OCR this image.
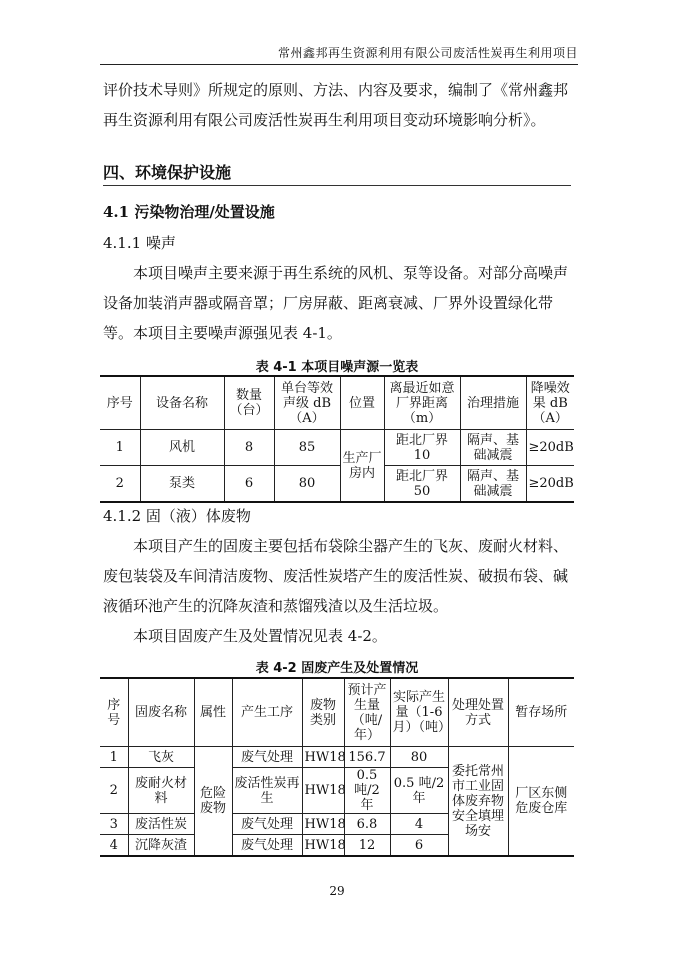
常州鑫邦再生资源利用有限公司废活性炭再生利用项目

评价技术导则》所规定的原则、方法、内容及要求，编制了《常州鑫邦再生资源利用有限公司废活性炭再生利用项目变动环境影响分析》。

四、环境保护设施

4.1 污染物治理/处置设施

4.1.1 噪声

本项目噪声主要来源于再生系统的风机、泵等设备。对部分高噪声设备加装消声器或隔音罩；厂房屏蔽、距离衰减、厂界外设置绿化带等。本项目主要噪声源强见表 4-1。

表 4-1 本项目噪声源一览表

序号	设备名称	数量（台）	单台等效声级 dB（A）	位置	离最近如意厂界距离（m）	治理措施	降噪效果 dB（A）
1	风机	8	85	生产厂房内	距北厂界 10	隔声、基础减震	≥20dB
2	泵类	6	80		距北厂界 50	隔声、基础减震	≥20dB

4.1.2 固（液）体废物

本项目产生的固废主要包括布袋除尘器产生的飞灰、废耐火材料、废包装袋及车间清洁废物、废活性炭塔产生的废活性炭、破损布袋、碱液循环池产生的沉降灰渣和蒸馏残渣以及生活垃圾。

本项目固废产生及处置情况见表 4-2。

表 4-2 固废产生及处置情况

序号	固废名称	属性	产生工序	废物类别	预计产生量（吨/年）	实际产生量（1-6月）（吨）	处理处置方式	暂存场所
1	飞灰	危险废物	废气处理	HW18	156.7	80	委托常州市工业固体废弃物安全填埋场安	厂区东侧危废仓库
2	废耐火材料		废活性炭再生	HW18	0.5 吨/2 年	0.5 吨/2 年		
3	废活性炭		废气处理	HW18	6.8	4		
4	沉降灰渣		废气处理	HW18	12	6		
29
